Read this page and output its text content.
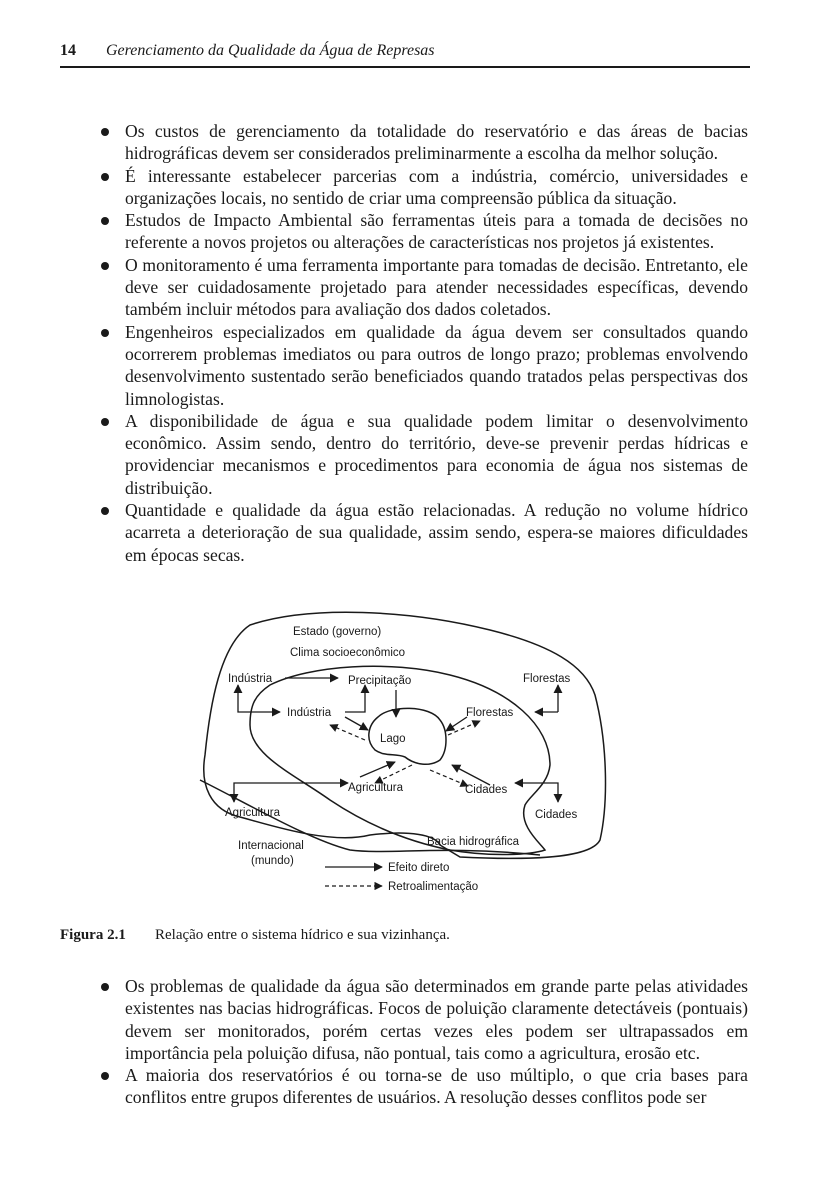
14 Gerenciamento da Qualidade da Água de Represas
Os custos de gerenciamento da totalidade do reservatório e das áreas de bacias hidrográficas devem ser considerados preliminarmente a escolha da melhor solução.
É interessante estabelecer parcerias com a indústria, comércio, universidades e organizações locais, no sentido de criar uma compreensão pública da situação.
Estudos de Impacto Ambiental são ferramentas úteis para a tomada de decisões no referente a novos projetos ou alterações de características nos projetos já existentes.
O monitoramento é uma ferramenta importante para tomadas de decisão. Entretanto, ele deve ser cuidadosamente projetado para atender necessidades específicas, devendo também incluir métodos para avaliação dos dados coletados.
Engenheiros especializados em qualidade da água devem ser consultados quando ocorrerem problemas imediatos ou para outros de longo prazo; problemas envolvendo desenvolvimento sustentado serão beneficiados quando tratados pelas perspectivas dos limnologistas.
A disponibilidade de água e sua qualidade podem limitar o desenvolvimento econômico. Assim sendo, dentro do território, deve-se prevenir perdas hídricas e providenciar mecanismos e procedimentos para economia de água nos sistemas de distribuição.
Quantidade e qualidade da água estão relacionadas. A redução no volume hídrico acarreta a deterioração de sua qualidade, assim sendo, espera-se maiores dificuldades em épocas secas.
Estado (governo)
Clima socioeconômico
Indústria	Precipitação	Florestas
Indústria	Florestas
Lago
Agricultura	Cidades
Agricultura	Cidades
Bacia hidrográfica
Internacional
(mundo)
Efeito direto
Retroalimentação
Figura 2.1 Relação entre o sistema hídrico e sua vizinhança.
Os problemas de qualidade da água são determinados em grande parte pelas atividades existentes nas bacias hidrográficas. Focos de poluição claramente detectáveis (pontuais) devem ser monitorados, porém certas vezes eles podem ser ultrapassados em importância pela poluição difusa, não pontual, tais como a agricultura, erosão etc.
A maioria dos reservatórios é ou torna-se de uso múltiplo, o que cria bases para conflitos entre grupos diferentes de usuários. A resolução desses conflitos pode ser
